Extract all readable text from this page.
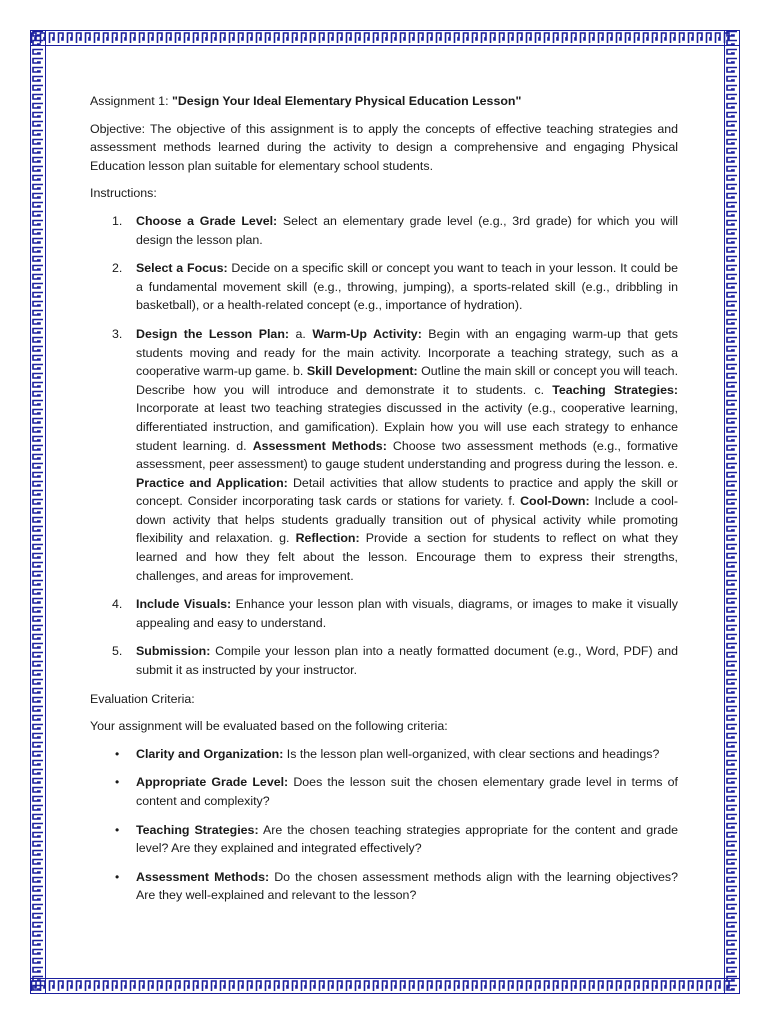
Assignment 1: "Design Your Ideal Elementary Physical Education Lesson"

Objective: The objective of this assignment is to apply the concepts of effective teaching strategies and assessment methods learned during the activity to design a comprehensive and engaging Physical Education lesson plan suitable for elementary school students.

Instructions:

1. Choose a Grade Level: Select an elementary grade level (e.g., 3rd grade) for which you will design the lesson plan.
2. Select a Focus: Decide on a specific skill or concept you want to teach in your lesson. It could be a fundamental movement skill (e.g., throwing, jumping), a sports-related skill (e.g., dribbling in basketball), or a health-related concept (e.g., importance of hydration).
3. Design the Lesson Plan: a. Warm-Up Activity: Begin with an engaging warm-up that gets students moving and ready for the main activity. Incorporate a teaching strategy, such as a cooperative warm-up game. b. Skill Development: Outline the main skill or concept you will teach. Describe how you will introduce and demonstrate it to students. c. Teaching Strategies: Incorporate at least two teaching strategies discussed in the activity (e.g., cooperative learning, differentiated instruction, and gamification). Explain how you will use each strategy to enhance student learning. d. Assessment Methods: Choose two assessment methods (e.g., formative assessment, peer assessment) to gauge student understanding and progress during the lesson. e. Practice and Application: Detail activities that allow students to practice and apply the skill or concept. Consider incorporating task cards or stations for variety. f. Cool-Down: Include a cool-down activity that helps students gradually transition out of physical activity while promoting flexibility and relaxation. g. Reflection: Provide a section for students to reflect on what they learned and how they felt about the lesson. Encourage them to express their strengths, challenges, and areas for improvement.
4. Include Visuals: Enhance your lesson plan with visuals, diagrams, or images to make it visually appealing and easy to understand.
5. Submission: Compile your lesson plan into a neatly formatted document (e.g., Word, PDF) and submit it as instructed by your instructor.

Evaluation Criteria:

Your assignment will be evaluated based on the following criteria:

• Clarity and Organization: Is the lesson plan well-organized, with clear sections and headings?
• Appropriate Grade Level: Does the lesson suit the chosen elementary grade level in terms of content and complexity?
• Teaching Strategies: Are the chosen teaching strategies appropriate for the content and grade level? Are they explained and integrated effectively?
• Assessment Methods: Do the chosen assessment methods align with the learning objectives? Are they well-explained and relevant to the lesson?
